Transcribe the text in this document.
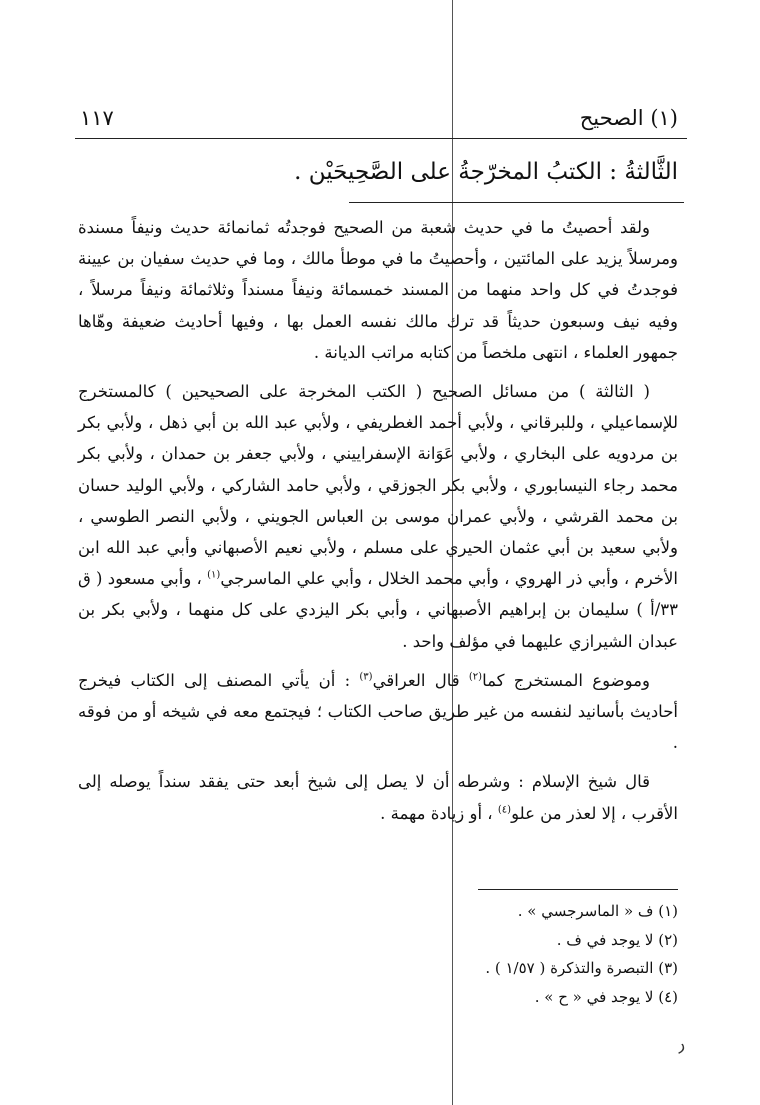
١١٧	(١) الصحيح
الثَّالثةُ : الكتبُ المخرّجةُ على الصَّحِيحَيْن .

ولقد أحصيتُ ما في حديث شعبة من الصحيح فوجدتُه ثمانمائة حديث ونيفاً مسندة ومرسلاً يزيد على المائتين ، وأحصيتُ ما في موطأ مالك ، وما في حديث سفيان بن عيينة فوجدتُ في كل واحد منهما من المسند خمسمائة ونيفاً مسنداً وثلاثمائة ونيفاً مرسلاً ، وفيه نيف وسبعون حديثاً قد ترك مالك نفسه العمل بها ، وفيها أحاديث ضعيفة وهّاها جمهور العلماء ، انتهى ملخصاً من كتابه مراتب الديانة .

( الثالثة ) من مسائل الصحيح ( الكتب المخرجة على الصحيحين ) كالمستخرج للإسماعيلي ، وللبرقاني ، ولأبي أحمد الغطريفي ، ولأبي عبد الله بن أبي ذهل ، ولأبي بكر بن مردويه على البخاري ، ولأبي عَوَانة الإسفراييني ، ولأبي جعفر بن حمدان ، ولأبي بكر محمد رجاء النيسابوري ، ولأبي بكر الجوزقي ، ولأبي حامد الشاركي ، ولأبي الوليد حسان بن محمد القرشي ، ولأبي عمران موسى بن العباس الجويني ، ولأبي النصر الطوسي ، ولأبي سعيد بن أبي عثمان الحيري على مسلم ، ولأبي نعيم الأصبهاني وأبي عبد الله ابن الأخرم ، وأبي ذر الهروي ، وأبي محمد الخلال ، وأبي علي الماسرجي$^{(١)}$ ، وأبي مسعود ( ق ٣٣/أ ) سليمان بن إبراهيم الأصبهاني ، وأبي بكر اليزدي على كل منهما ، ولأبي بكر بن عبدان الشيرازي عليهما في مؤلف واحد .

وموضوع المستخرج كما$^{(٢)}$ قال العراقي$^{(٣)}$ : أن يأتي المصنف إلى الكتاب فيخرج أحاديث بأسانيد لنفسه من غير طريق صاحب الكتاب ؛ فيجتمع معه في شيخه أو من فوقه .

قال شيخ الإسلام : وشرطه أن لا يصل إلى شيخ أبعد حتى يفقد سنداً يوصله إلى الأقرب ، إلا لعذر من علو$^{(٤)}$ ، أو زيادة مهمة .

(١) ف « الماسرجسي » .
(٢) لا يوجد في ف .
(٣) التبصرة والتذكرة ( ١/٥٧ ) .
(٤) لا يوجد في « ح » .
ر
